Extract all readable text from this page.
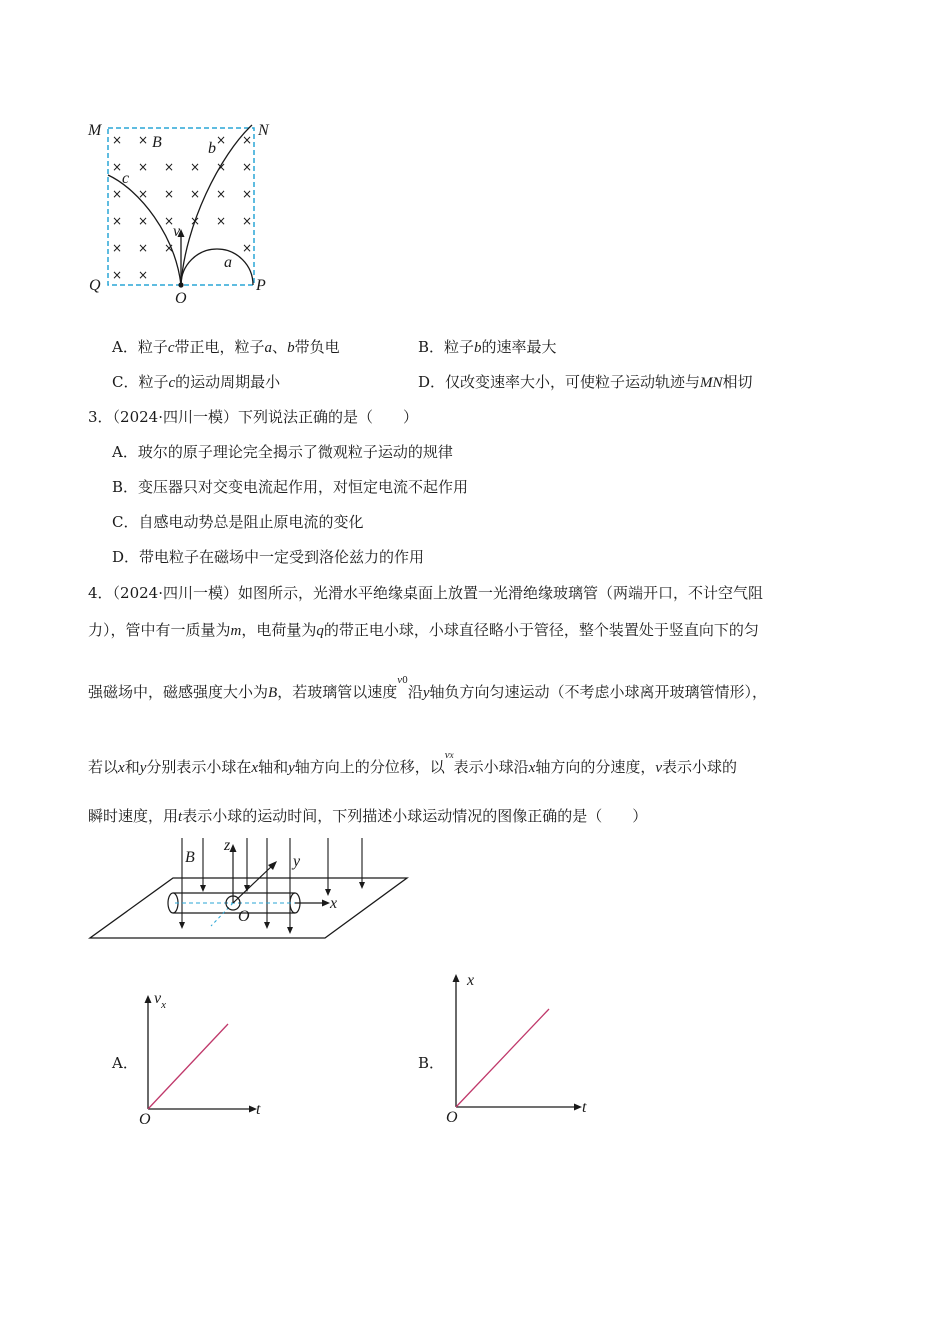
× ×	× ×
× × × × × ×
× × × × × ×
× × × × × ×
× × ×	×
× ×
M	N
B	b
c
v
a
Q	P
O
A．粒子c带正电，粒子a、b带负电	B．粒子b的速率最大
C．粒子c的运动周期最小	D．仅改变速率大小，可使粒子运动轨迹与MN相切
3．（2024·四川一模）下列说法正确的是（　　）
A．玻尔的原子理论完全揭示了微观粒子运动的规律
B．变压器只对交变电流起作用，对恒定电流不起作用
C．自感电动势总是阻止原电流的变化
D．带电粒子在磁场中一定受到洛伦兹力的作用
4．（2024·四川一模）如图所示，光滑水平绝缘桌面上放置一光滑绝缘玻璃管（两端开口，不计空气阻
力），管中有一质量为m，电荷量为q的带正电小球，小球直径略小于管径，整个装置处于竖直向下的匀
强磁场中，磁感强度大小为B，若玻璃管以速度$^{v0}$沿y轴负方向匀速运动（不考虑小球离开玻璃管情形），
若以x和y分别表示小球在x轴和y轴方向上的分位移，以$^{vx}$表示小球沿x轴方向的分速度，v表示小球的
瞬时速度，用t表示小球的运动时间，下列描述小球运动情况的图像正确的是（　　）
B
z
y
x
O
A．
$v_x$
t
O
B．
x
t
O
